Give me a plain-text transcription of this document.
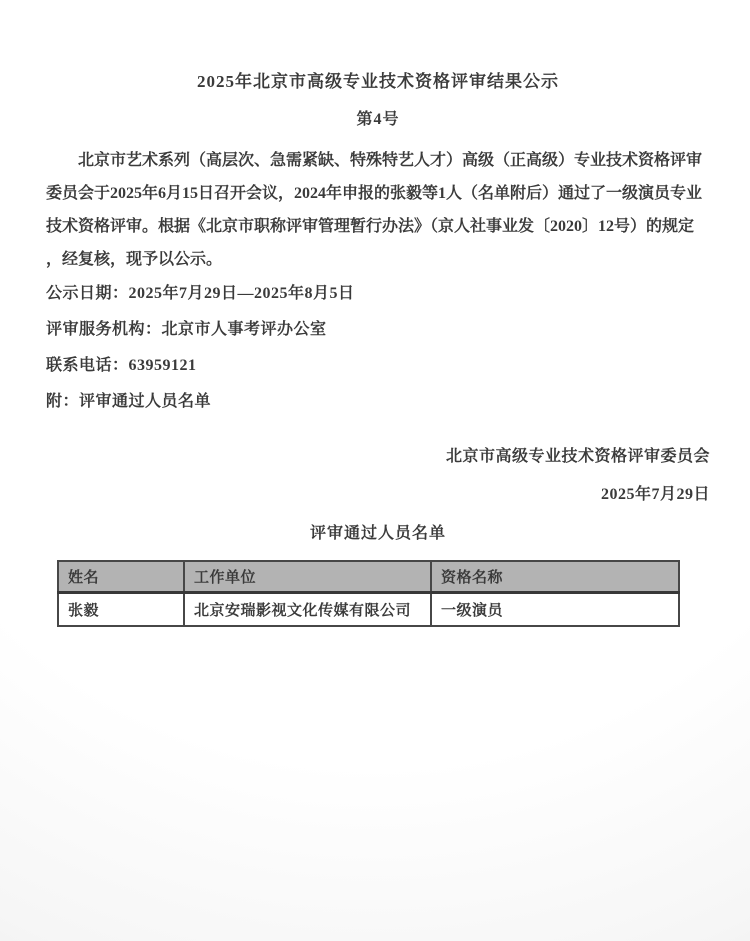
2025年北京市高级专业技术资格评审结果公示
第4号
北京市艺术系列（高层次、急需紧缺、特殊特艺人才）高级（正高级）专业技术资格评审
委员会于2025年6月15日召开会议，2024年申报的张毅等1人（名单附后）通过了一级演员专业
技术资格评审。根据《北京市职称评审管理暂行办法》（京人社事业发〔2020〕12号）的规定
，经复核，现予以公示。
公示日期：2025年7月29日—2025年8月5日
评审服务机构：北京市人事考评办公室
联系电话：63959121
附：评审通过人员名单
北京市高级专业技术资格评审委员会
2025年7月29日
评审通过人员名单
姓名	工作单位	资格名称
张毅	北京安瑞影视文化传媒有限公司	一级演员
